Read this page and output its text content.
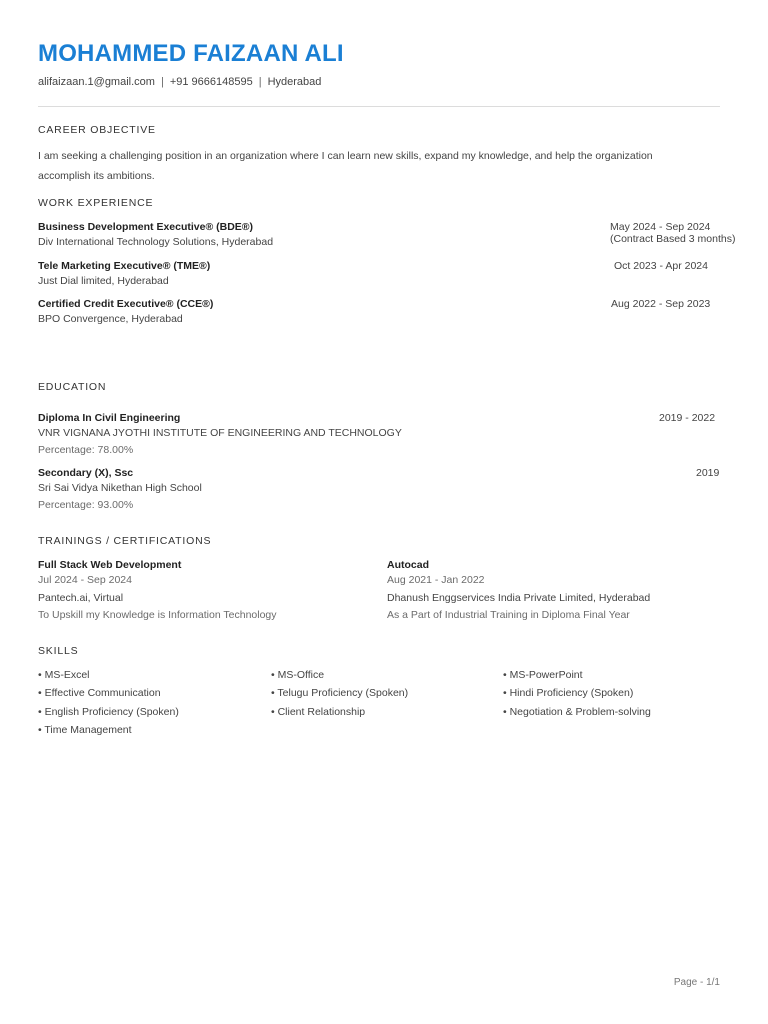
MOHAMMED FAIZAAN ALI
alifaizaan.1@gmail.com | +91 9666148595 | Hyderabad
CAREER OBJECTIVE
I am seeking a challenging position in an organization where I can learn new skills, expand my knowledge, and help the organization accomplish its ambitions.
WORK EXPERIENCE
Business Development Executive® (BDE®)
Div International Technology Solutions, Hyderabad
May 2024 - Sep 2024
(Contract Based 3 months)
Tele Marketing Executive® (TME®)
Just Dial limited, Hyderabad
Oct 2023 - Apr 2024
Certified Credit Executive® (CCE®)
BPO Convergence, Hyderabad
Aug 2022 - Sep 2023
EDUCATION
Diploma In Civil Engineering
VNR VIGNANA JYOTHI INSTITUTE OF ENGINEERING AND TECHNOLOGY
Percentage: 78.00%
2019 - 2022
Secondary (X), Ssc
Sri Sai Vidya Nikethan High School
Percentage: 93.00%
2019
TRAININGS / CERTIFICATIONS
Full Stack Web Development
Jul 2024 - Sep 2024
Pantech.ai, Virtual
To Upskill my Knowledge is Information Technology
Autocad
Aug 2021 - Jan 2022
Dhanush Enggservices India Private Limited, Hyderabad
As a Part of Industrial Training in Diploma Final Year
SKILLS
• MS-Excel	• MS-Office	• MS-PowerPoint
• Effective Communication	• Telugu Proficiency (Spoken)	• Hindi Proficiency (Spoken)
• English Proficiency (Spoken)	• Client Relationship	• Negotiation & Problem-solving
• Time Management
Page - 1/1
